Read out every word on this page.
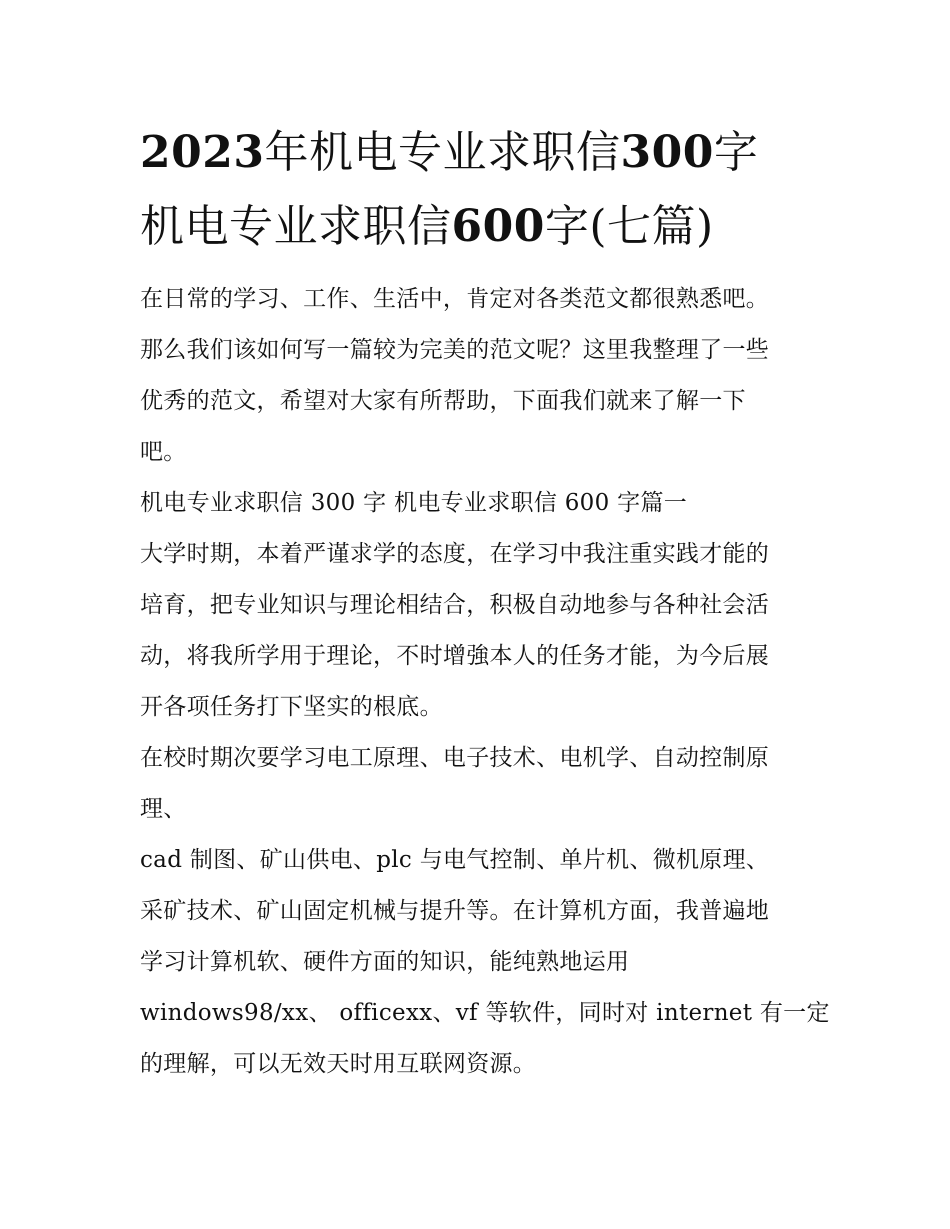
2023年机电专业求职信300字
机电专业求职信600字(七篇)

在日常的学习、工作、生活中，肯定对各类范文都很熟悉吧。

那么我们该如何写一篇较为完美的范文呢？这里我整理了一些

优秀的范文，希望对大家有所帮助，下面我们就来了解一下

吧。

机电专业求职信 300 字 机电专业求职信 600 字篇一

大学时期，本着严谨求学的态度，在学习中我注重实践才能的

培育，把专业知识与理论相结合，积极自动地参与各种社会活

动，将我所学用于理论，不时增強本人的任务才能，为今后展

开各项任务打下坚实的根底。

在校时期次要学习电工原理、电子技术、电机学、自动控制原

理、

cad 制图、矿山供电、plc 与电气控制、单片机、微机原理、

采矿技术、矿山固定机械与提升等。在计算机方面，我普遍地

学习计算机软、硬件方面的知识，能纯熟地运用

windows98/xx、 officexx、vf 等软件，同时对 internet 有一定

的理解，可以无效天时用互联网资源。
